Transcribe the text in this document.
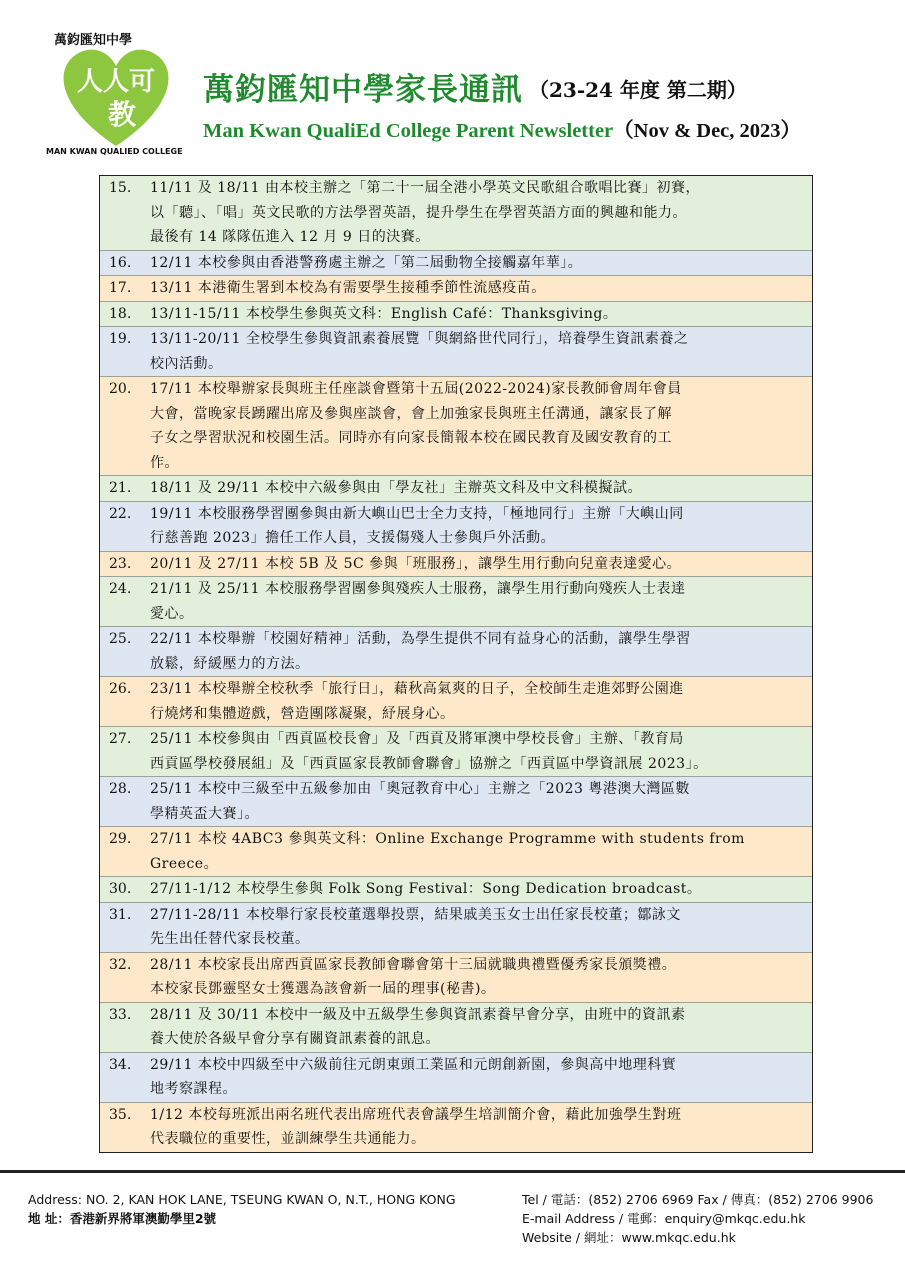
人人可
教
萬鈞匯知中學
MAN KWAN QUALIED COLLEGE
萬鈞匯知中學家長通訊 （23-24 年度 第二期）
Man Kwan QualiEd College Parent Newsletter（Nov & Dec, 2023）
15.	11/11 及 18/11 由本校主辦之「第二十一屆全港小學英文民歌組合歌唱比賽」初賽，
以「聽」、「唱」英文民歌的方法學習英語，提升學生在學習英語方面的興趣和能力。
最後有 14 隊隊伍進入 12 月 9 日的決賽。
16.	12/11 本校參與由香港警務處主辦之「第二屆動物全接觸嘉年華」。
17.	13/11 本港衛生署到本校為有需要學生接種季節性流感疫苗。
18.	13/11-15/11 本校學生參與英文科：English Café：Thanksgiving。
19.	13/11-20/11 全校學生參與資訊素養展覽「與網絡世代同行」，培養學生資訊素養之
校內活動。
20.	17/11 本校舉辦家長與班主任座談會暨第十五屆(2022-2024)家長教師會周年會員
大會，當晚家長踴躍出席及參與座談會，會上加強家長與班主任溝通，讓家長了解
子女之學習狀況和校園生活。同時亦有向家長簡報本校在國民教育及國安教育的工
作。
21.	18/11 及 29/11 本校中六級參與由「學友社」主辦英文科及中文科模擬試。
22.	19/11 本校服務學習團參與由新大嶼山巴士全力支持，「極地同行」主辦「大嶼山同
行慈善跑 2023」擔任工作人員，支援傷殘人士參與戶外活動。
23.	20/11 及 27/11 本校 5B 及 5C 參與「班服務」，讓學生用行動向兒童表達愛心。
24.	21/11 及 25/11 本校服務學習團參與殘疾人士服務，讓學生用行動向殘疾人士表達
愛心。
25.	22/11 本校舉辦「校園好精神」活動，為學生提供不同有益身心的活動，讓學生學習
放鬆，紓緩壓力的方法。
26.	23/11 本校舉辦全校秋季「旅行日」，藉秋高氣爽的日子，全校師生走進郊野公園進
行燒烤和集體遊戲，營造團隊凝聚，紓展身心。
27.	25/11 本校參與由「西貢區校長會」及「西貢及將軍澳中學校長會」主辦、「教育局
西貢區學校發展組」及「西貢區家長教師會聯會」協辦之「西貢區中學資訊展 2023」。
28.	25/11 本校中三級至中五級參加由「奧冠教育中心」主辦之「2023 粵港澳大灣區數
學精英盃大賽」。
29.	27/11 本校 4ABC3 參與英文科：Online Exchange Programme with students from
Greece。
30.	27/11-1/12 本校學生參與 Folk Song Festival：Song Dedication broadcast。
31.	27/11-28/11 本校舉行家長校董選舉投票，結果戚美玉女士出任家長校董；鄒詠文
先生出任替代家長校董。
32.	28/11 本校家長出席西貢區家長教師會聯會第十三屆就職典禮暨優秀家長頒獎禮。
本校家長鄧靈堅女士獲選為該會新一屆的理事(秘書)。
33.	28/11 及 30/11 本校中一級及中五級學生參與資訊素養早會分享，由班中的資訊素
養大使於各級早會分享有關資訊素養的訊息。
34.	29/11 本校中四級至中六級前往元朗東頭工業區和元朗創新園，參與高中地理科實
地考察課程。
35.	1/12 本校每班派出兩名班代表出席班代表會議學生培訓簡介會，藉此加強學生對班
代表職位的重要性，並訓練學生共通能力。
Address: NO. 2, KAN HOK LANE, TSEUNG KWAN O, N.T., HONG KONG
地 址：香港新界將軍澳勤學里2號
Tel / 電話：(852) 2706 6969 Fax / 傳真：(852) 2706 9906
E-mail Address / 電郵：enquiry@mkqc.edu.hk
Website / 網址：www.mkqc.edu.hk
